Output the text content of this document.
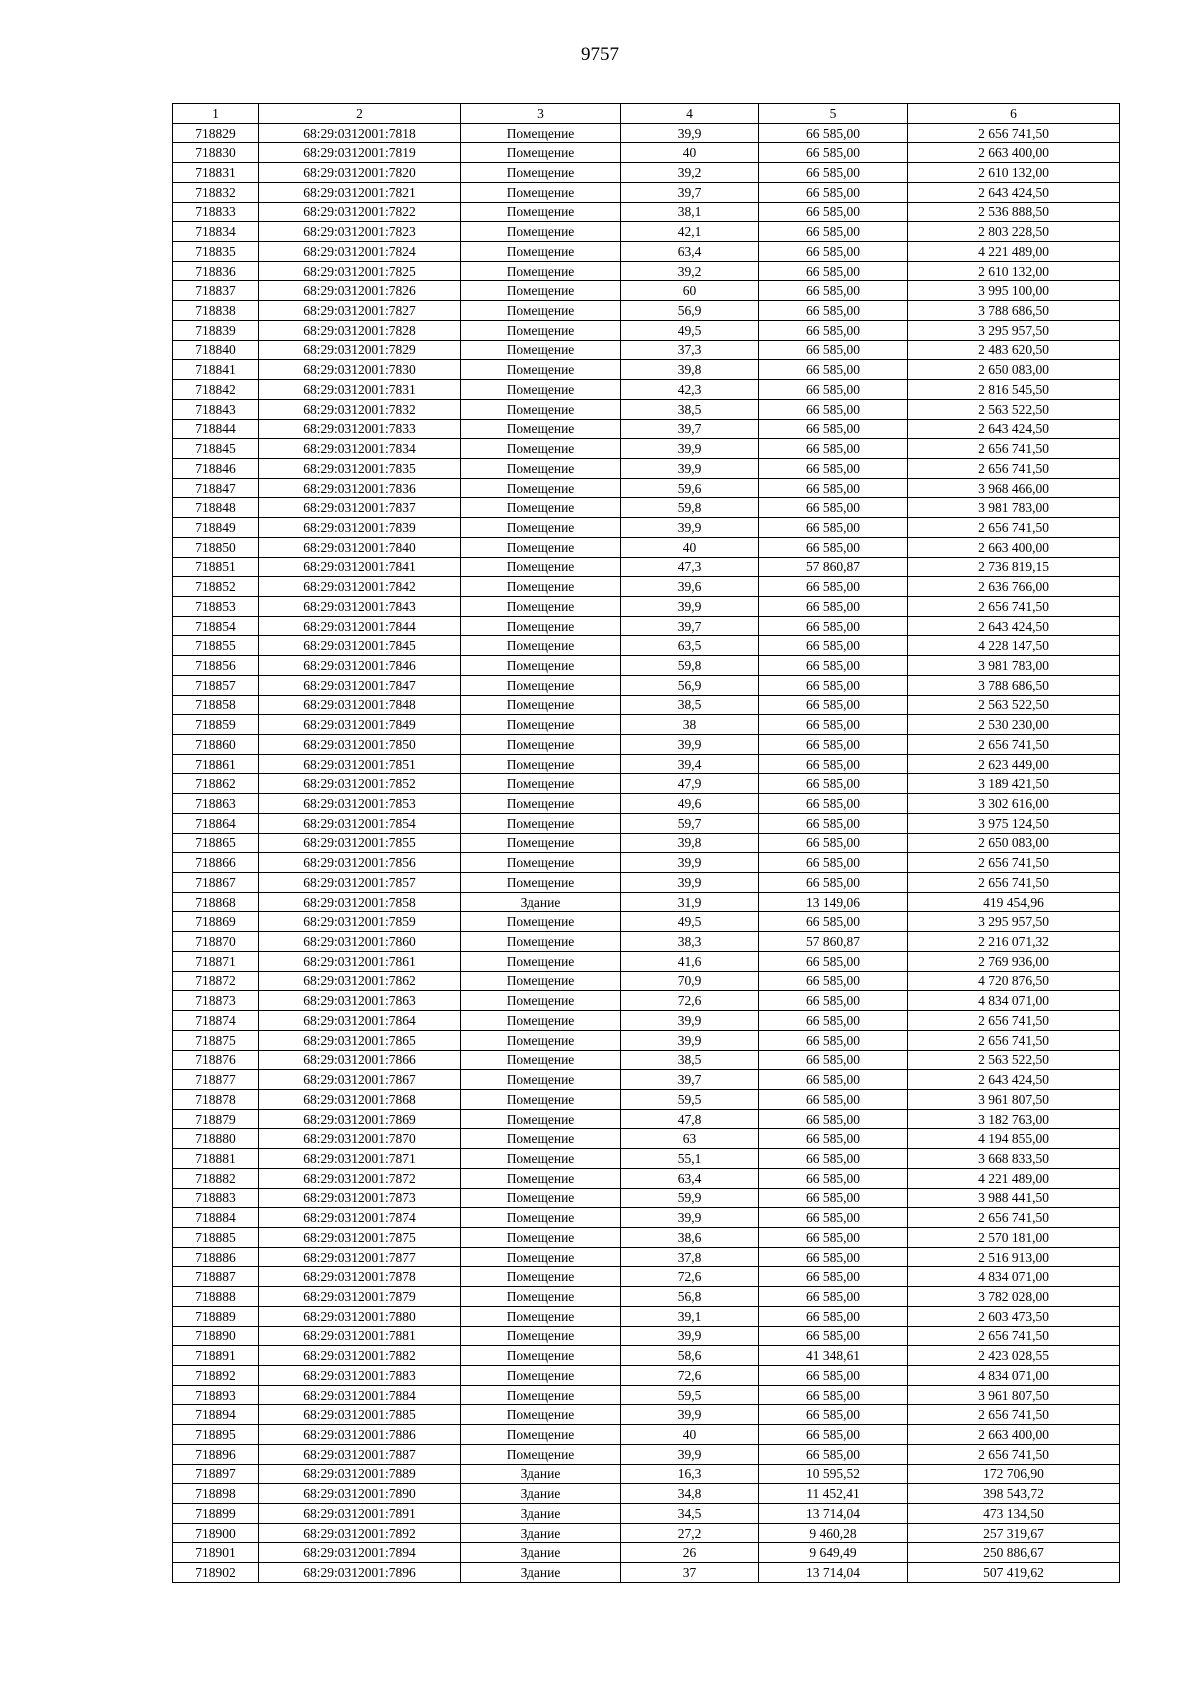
9757
1	2	3	4	5	6
718829	68:29:0312001:7818	Помещение	39,9	66 585,00	2 656 741,50
718830	68:29:0312001:7819	Помещение	40	66 585,00	2 663 400,00
718831	68:29:0312001:7820	Помещение	39,2	66 585,00	2 610 132,00
718832	68:29:0312001:7821	Помещение	39,7	66 585,00	2 643 424,50
718833	68:29:0312001:7822	Помещение	38,1	66 585,00	2 536 888,50
718834	68:29:0312001:7823	Помещение	42,1	66 585,00	2 803 228,50
718835	68:29:0312001:7824	Помещение	63,4	66 585,00	4 221 489,00
718836	68:29:0312001:7825	Помещение	39,2	66 585,00	2 610 132,00
718837	68:29:0312001:7826	Помещение	60	66 585,00	3 995 100,00
718838	68:29:0312001:7827	Помещение	56,9	66 585,00	3 788 686,50
718839	68:29:0312001:7828	Помещение	49,5	66 585,00	3 295 957,50
718840	68:29:0312001:7829	Помещение	37,3	66 585,00	2 483 620,50
718841	68:29:0312001:7830	Помещение	39,8	66 585,00	2 650 083,00
718842	68:29:0312001:7831	Помещение	42,3	66 585,00	2 816 545,50
718843	68:29:0312001:7832	Помещение	38,5	66 585,00	2 563 522,50
718844	68:29:0312001:7833	Помещение	39,7	66 585,00	2 643 424,50
718845	68:29:0312001:7834	Помещение	39,9	66 585,00	2 656 741,50
718846	68:29:0312001:7835	Помещение	39,9	66 585,00	2 656 741,50
718847	68:29:0312001:7836	Помещение	59,6	66 585,00	3 968 466,00
718848	68:29:0312001:7837	Помещение	59,8	66 585,00	3 981 783,00
718849	68:29:0312001:7839	Помещение	39,9	66 585,00	2 656 741,50
718850	68:29:0312001:7840	Помещение	40	66 585,00	2 663 400,00
718851	68:29:0312001:7841	Помещение	47,3	57 860,87	2 736 819,15
718852	68:29:0312001:7842	Помещение	39,6	66 585,00	2 636 766,00
718853	68:29:0312001:7843	Помещение	39,9	66 585,00	2 656 741,50
718854	68:29:0312001:7844	Помещение	39,7	66 585,00	2 643 424,50
718855	68:29:0312001:7845	Помещение	63,5	66 585,00	4 228 147,50
718856	68:29:0312001:7846	Помещение	59,8	66 585,00	3 981 783,00
718857	68:29:0312001:7847	Помещение	56,9	66 585,00	3 788 686,50
718858	68:29:0312001:7848	Помещение	38,5	66 585,00	2 563 522,50
718859	68:29:0312001:7849	Помещение	38	66 585,00	2 530 230,00
718860	68:29:0312001:7850	Помещение	39,9	66 585,00	2 656 741,50
718861	68:29:0312001:7851	Помещение	39,4	66 585,00	2 623 449,00
718862	68:29:0312001:7852	Помещение	47,9	66 585,00	3 189 421,50
718863	68:29:0312001:7853	Помещение	49,6	66 585,00	3 302 616,00
718864	68:29:0312001:7854	Помещение	59,7	66 585,00	3 975 124,50
718865	68:29:0312001:7855	Помещение	39,8	66 585,00	2 650 083,00
718866	68:29:0312001:7856	Помещение	39,9	66 585,00	2 656 741,50
718867	68:29:0312001:7857	Помещение	39,9	66 585,00	2 656 741,50
718868	68:29:0312001:7858	Здание	31,9	13 149,06	419 454,96
718869	68:29:0312001:7859	Помещение	49,5	66 585,00	3 295 957,50
718870	68:29:0312001:7860	Помещение	38,3	57 860,87	2 216 071,32
718871	68:29:0312001:7861	Помещение	41,6	66 585,00	2 769 936,00
718872	68:29:0312001:7862	Помещение	70,9	66 585,00	4 720 876,50
718873	68:29:0312001:7863	Помещение	72,6	66 585,00	4 834 071,00
718874	68:29:0312001:7864	Помещение	39,9	66 585,00	2 656 741,50
718875	68:29:0312001:7865	Помещение	39,9	66 585,00	2 656 741,50
718876	68:29:0312001:7866	Помещение	38,5	66 585,00	2 563 522,50
718877	68:29:0312001:7867	Помещение	39,7	66 585,00	2 643 424,50
718878	68:29:0312001:7868	Помещение	59,5	66 585,00	3 961 807,50
718879	68:29:0312001:7869	Помещение	47,8	66 585,00	3 182 763,00
718880	68:29:0312001:7870	Помещение	63	66 585,00	4 194 855,00
718881	68:29:0312001:7871	Помещение	55,1	66 585,00	3 668 833,50
718882	68:29:0312001:7872	Помещение	63,4	66 585,00	4 221 489,00
718883	68:29:0312001:7873	Помещение	59,9	66 585,00	3 988 441,50
718884	68:29:0312001:7874	Помещение	39,9	66 585,00	2 656 741,50
718885	68:29:0312001:7875	Помещение	38,6	66 585,00	2 570 181,00
718886	68:29:0312001:7877	Помещение	37,8	66 585,00	2 516 913,00
718887	68:29:0312001:7878	Помещение	72,6	66 585,00	4 834 071,00
718888	68:29:0312001:7879	Помещение	56,8	66 585,00	3 782 028,00
718889	68:29:0312001:7880	Помещение	39,1	66 585,00	2 603 473,50
718890	68:29:0312001:7881	Помещение	39,9	66 585,00	2 656 741,50
718891	68:29:0312001:7882	Помещение	58,6	41 348,61	2 423 028,55
718892	68:29:0312001:7883	Помещение	72,6	66 585,00	4 834 071,00
718893	68:29:0312001:7884	Помещение	59,5	66 585,00	3 961 807,50
718894	68:29:0312001:7885	Помещение	39,9	66 585,00	2 656 741,50
718895	68:29:0312001:7886	Помещение	40	66 585,00	2 663 400,00
718896	68:29:0312001:7887	Помещение	39,9	66 585,00	2 656 741,50
718897	68:29:0312001:7889	Здание	16,3	10 595,52	172 706,90
718898	68:29:0312001:7890	Здание	34,8	11 452,41	398 543,72
718899	68:29:0312001:7891	Здание	34,5	13 714,04	473 134,50
718900	68:29:0312001:7892	Здание	27,2	9 460,28	257 319,67
718901	68:29:0312001:7894	Здание	26	9 649,49	250 886,67
718902	68:29:0312001:7896	Здание	37	13 714,04	507 419,62
